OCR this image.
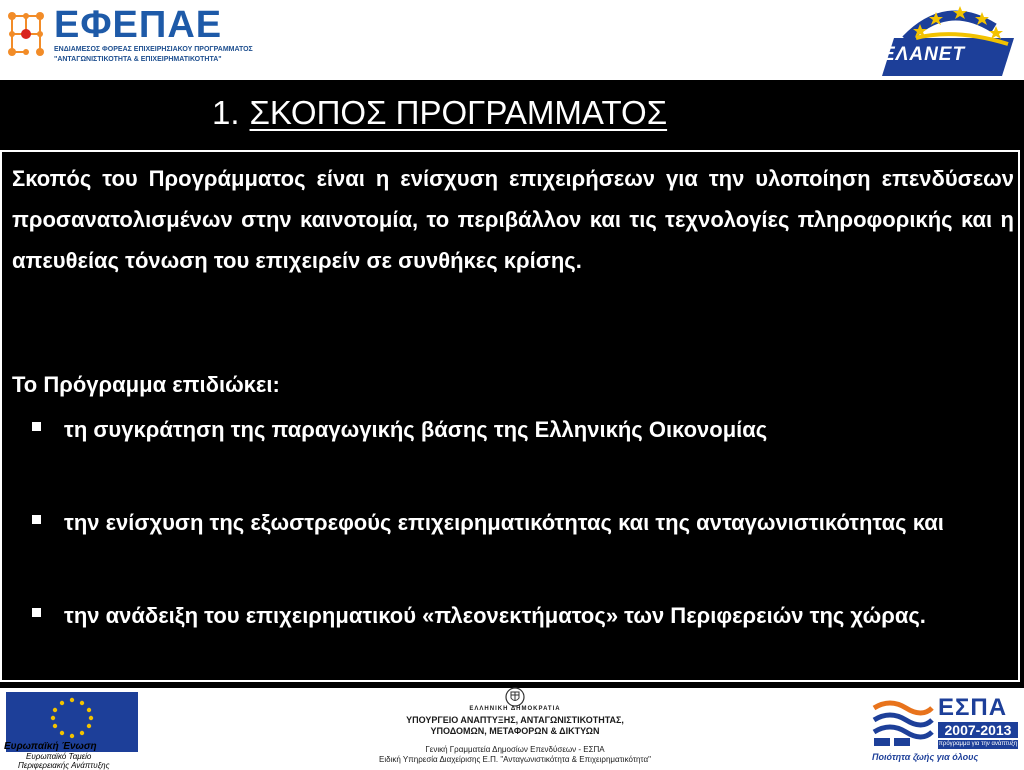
ΕΦΕΠΑΕ
ΕΝΔΙΑΜΕΣΟΣ ΦΟΡΕΑΣ ΕΠΙΧΕΙΡΗΣΙΑΚΟΥ ΠΡΟΓΡΑΜΜΑΤΟΣ
"ΑΝΤΑΓΩΝΙΣΤΙΚΟΤΗΤΑ & ΕΠΙΧΕΙΡΗΜΑΤΙΚΟΤΗΤΑ"	ΕΛΑΝΕΤ
1. ΣΚΟΠΟΣ ΠΡΟΓΡΑΜΜΑΤΟΣ
Σκοπός του Προγράμματος είναι η ενίσχυση επιχειρήσεων για την υλοποίηση επενδύσεων προσανατολισμένων στην καινοτομία, το περιβάλλον και τις τεχνολογίες πληροφορικής και η απευθείας τόνωση του επιχειρείν σε συνθήκες κρίσης.
Το Πρόγραμμα επιδιώκει:
τη συγκράτηση της παραγωγικής βάσης της Ελληνικής Οικονομίας
την ενίσχυση της εξωστρεφούς επιχειρηματικότητας και της ανταγωνιστικότητας και
την ανάδειξη του επιχειρηματικού «πλεονεκτήματος» των Περιφερειών της χώρας.
Ευρωπαϊκή Ένωση
Ευρωπαϊκό Ταμείο
Περιφερειακής Ανάπτυξης
ΕΛΛΗΝΙΚΗ ΔΗΜΟΚΡΑΤΙΑ
ΥΠΟΥΡΓΕΙΟ ΑΝΑΠΤΥΞΗΣ, ΑΝΤΑΓΩΝΙΣΤΙΚΟΤΗΤΑΣ,
ΥΠΟΔΟΜΩΝ, ΜΕΤΑΦΟΡΩΝ & ΔΙΚΤΥΩΝ
Γενική Γραμματεία Δημοσίων Επενδύσεων - ΕΣΠΑ
Ειδική Υπηρεσία Διαχείρισης Ε.Π. "Ανταγωνιστικότητα & Επιχειρηματικότητα"
ΕΣΠΑ
2007-2013
πρόγραμμα για την ανάπτυξη
Ποιότητα ζωής για όλους
